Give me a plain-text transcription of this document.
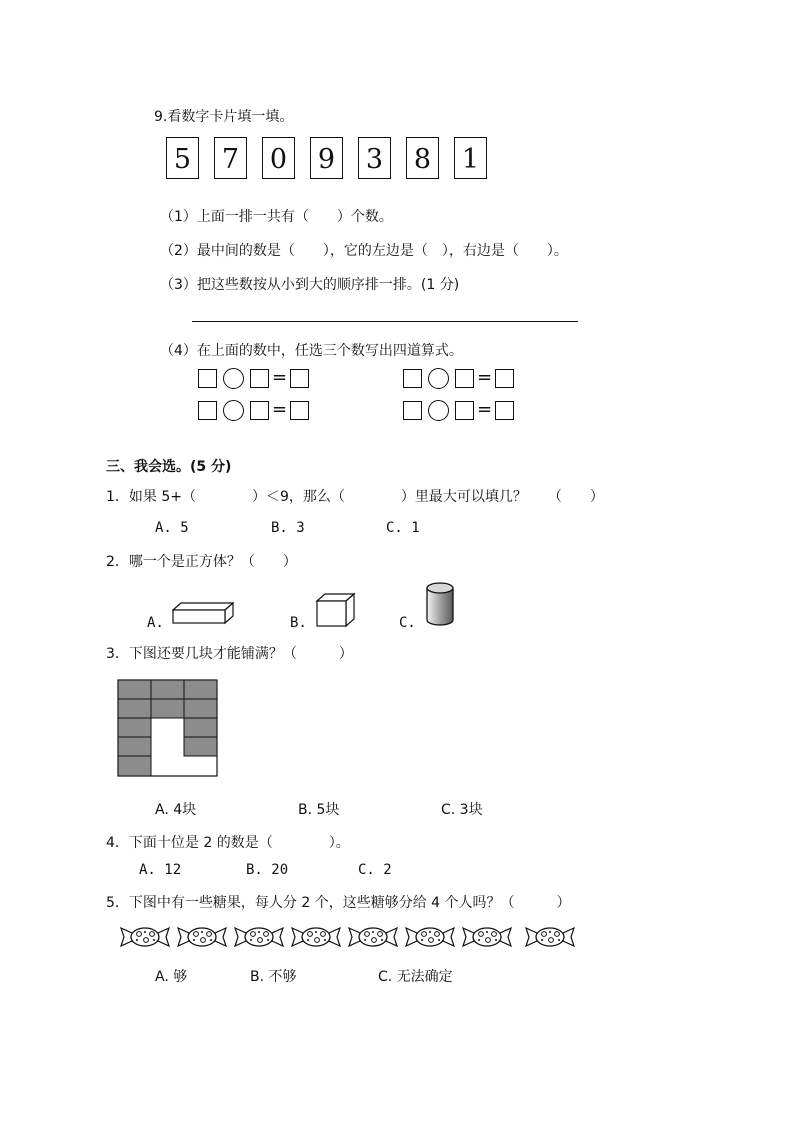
9.看数字卡片填一填。
5 7 0 9 3 8 1
（1）上面一排一共有（　　）个数。
（2）最中间的数是（　　），它的左边是（　），右边是（　　）。
（3）把这些数按从小到大的顺序排一排。(1 分)
（4）在上面的数中，任选三个数写出四道算式。
=	=
=	=
三、我会选。(5 分)
1．如果 5+（　　　　）＜9，那么（　　　　）里最大可以填几？　　（　　）
A. 5	B. 3	C. 1
2．哪一个是正方体？（　　）
A.	B.	C.
3．下图还要几块才能铺满？（　　　）
A. 4块	B. 5块	C. 3块
4．下面十位是 2 的数是（　　　　）。
A. 12	B. 20	C. 2
5．下图中有一些糖果，每人分 2 个，这些糖够分给 4 个人吗？（　　　）
A. 够	B. 不够	C. 无法确定
